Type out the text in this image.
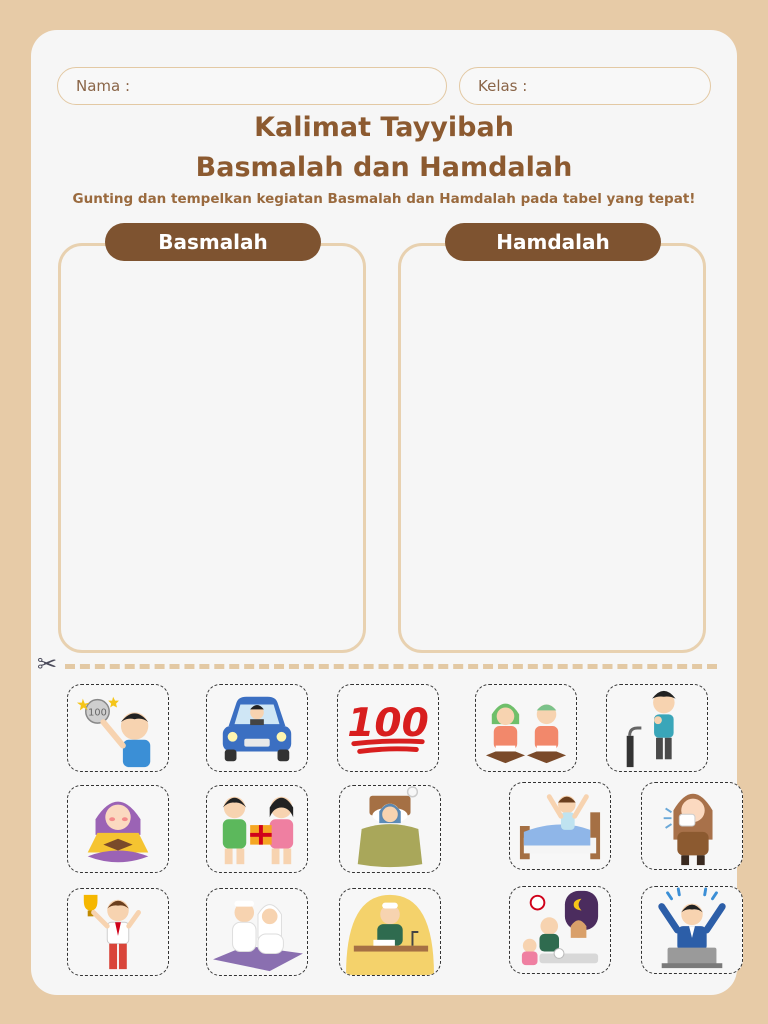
Nama :	Kelas :
Kalimat Tayyibah
Basmalah dan Hamdalah
Gunting dan tempelkan kegiatan Basmalah dan Hamdalah pada tabel yang tepat!
Basmalah	Hamdalah
✂
100	100
